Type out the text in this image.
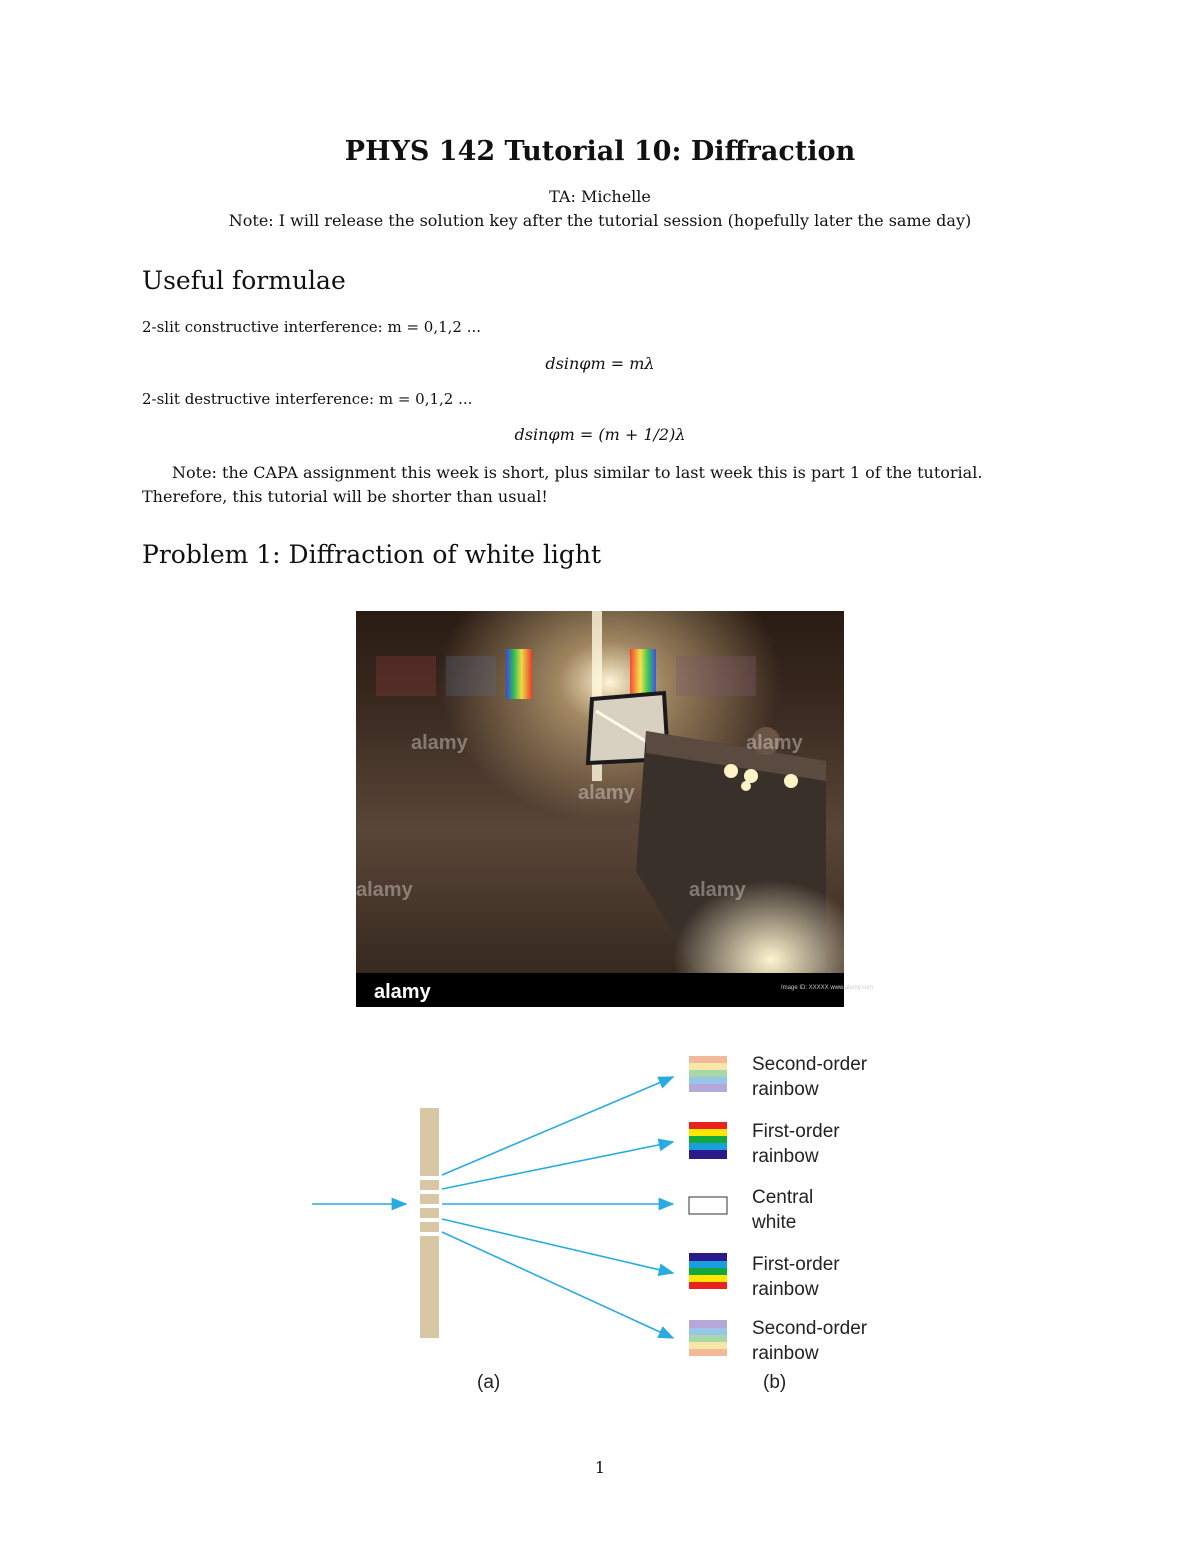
PHYS 142 Tutorial 10: Diffraction
TA: Michelle
Note: I will release the solution key after the tutorial session (hopefully later the same day)
Useful formulae
2-slit constructive interference: m = 0,1,2 ...
dsinφm = mλ
2-slit destructive interference: m = 0,1,2 ...
dsinφm = (m + 1/2)λ
Note: the CAPA assignment this week is short, plus similar to last week this is part 1 of the tutorial. Therefore, this tutorial will be shorter than usual!
Problem 1: Diffraction of white light
alamy
alamy
alamy	alamy
alamy
alamy	Image ID: XXXXX www.alamy.com
Second-order
rainbow
First-order
rainbow
Central
white
First-order
rainbow
Second-order
rainbow
(a)	(b)
1
